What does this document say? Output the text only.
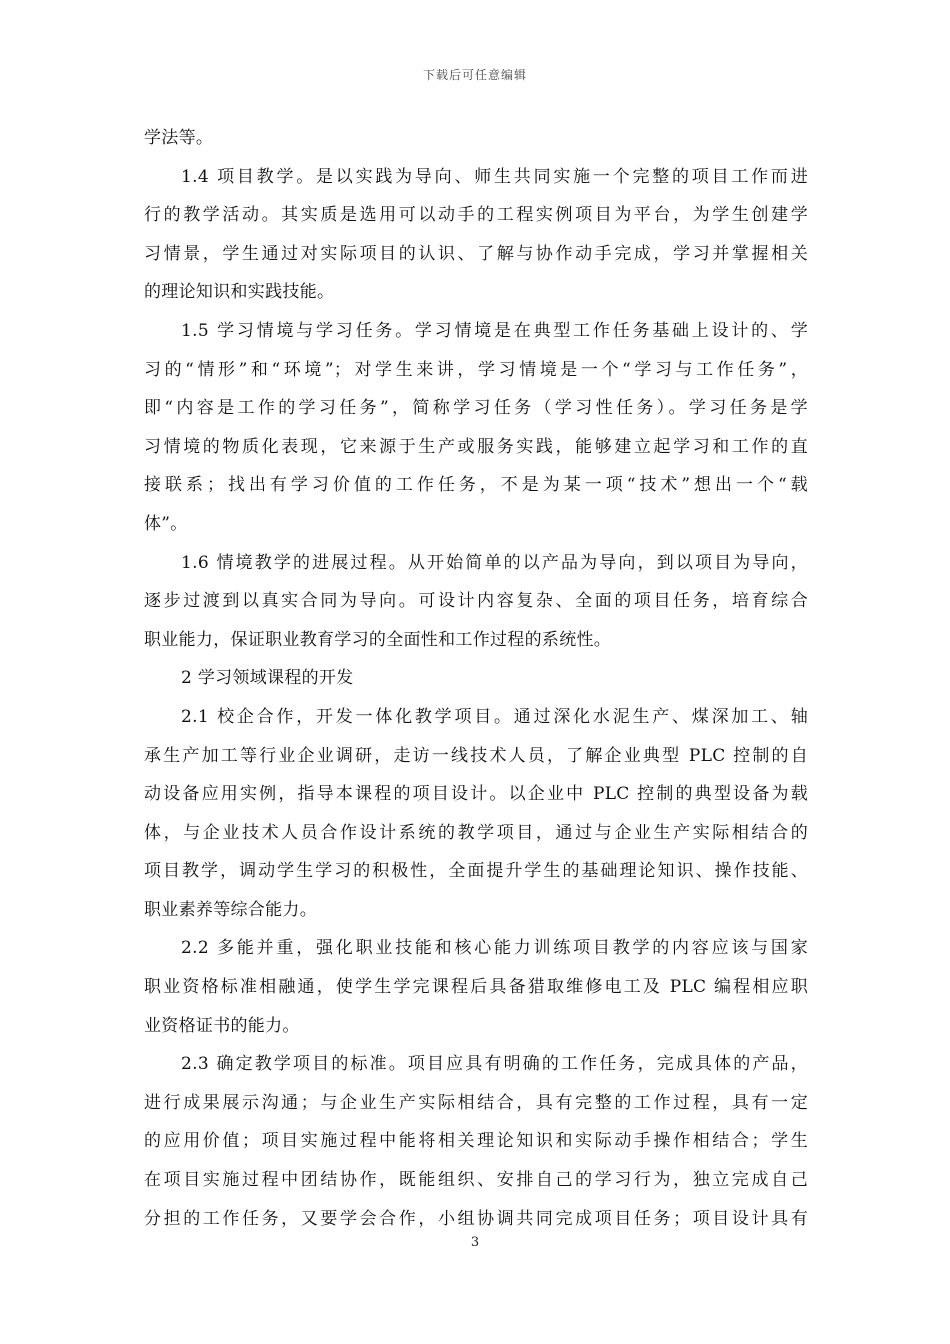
下载后可任意编辑
学法等。
1.4 项目教学。是以实践为导向、师生共同实施一个完整的项目工作而进
行的教学活动。其实质是选用可以动手的工程实例项目为平台，为学生创建学
习情景，学生通过对实际项目的认识、了解与协作动手完成，学习并掌握相关
的理论知识和实践技能。
1.5 学习情境与学习任务。学习情境是在典型工作任务基础上设计的、学
习的“情形”和“环境”；对学生来讲，学习情境是一个“学习与工作任务”，
即“内容是工作的学习任务”，简称学习任务（学习性任务）。学习任务是学
习情境的物质化表现，它来源于生产或服务实践，能够建立起学习和工作的直
接联系；找出有学习价值的工作任务，不是为某一项“技术”想出一个“载
体”。
1.6 情境教学的进展过程。从开始简单的以产品为导向，到以项目为导向，
逐步过渡到以真实合同为导向。可设计内容复杂、全面的项目任务，培育综合
职业能力，保证职业教育学习的全面性和工作过程的系统性。
2 学习领域课程的开发
2.1 校企合作，开发一体化教学项目。通过深化水泥生产、煤深加工、轴
承生产加工等行业企业调研，走访一线技术人员，了解企业典型 PLC 控制的自
动设备应用实例，指导本课程的项目设计。以企业中 PLC 控制的典型设备为载
体，与企业技术人员合作设计系统的教学项目，通过与企业生产实际相结合的
项目教学，调动学生学习的积极性，全面提升学生的基础理论知识、操作技能、
职业素养等综合能力。
2.2 多能并重，强化职业技能和核心能力训练项目教学的内容应该与国家
职业资格标准相融通，使学生学完课程后具备猎取维修电工及 PLC 编程相应职
业资格证书的能力。
2.3 确定教学项目的标准。项目应具有明确的工作任务，完成具体的产品，
进行成果展示沟通；与企业生产实际相结合，具有完整的工作过程，具有一定
的应用价值；项目实施过程中能将相关理论知识和实际动手操作相结合；学生
在项目实施过程中团结协作，既能组织、安排自己的学习行为，独立完成自己
分担的工作任务，又要学会合作，小组协调共同完成项目任务；项目设计具有
3
